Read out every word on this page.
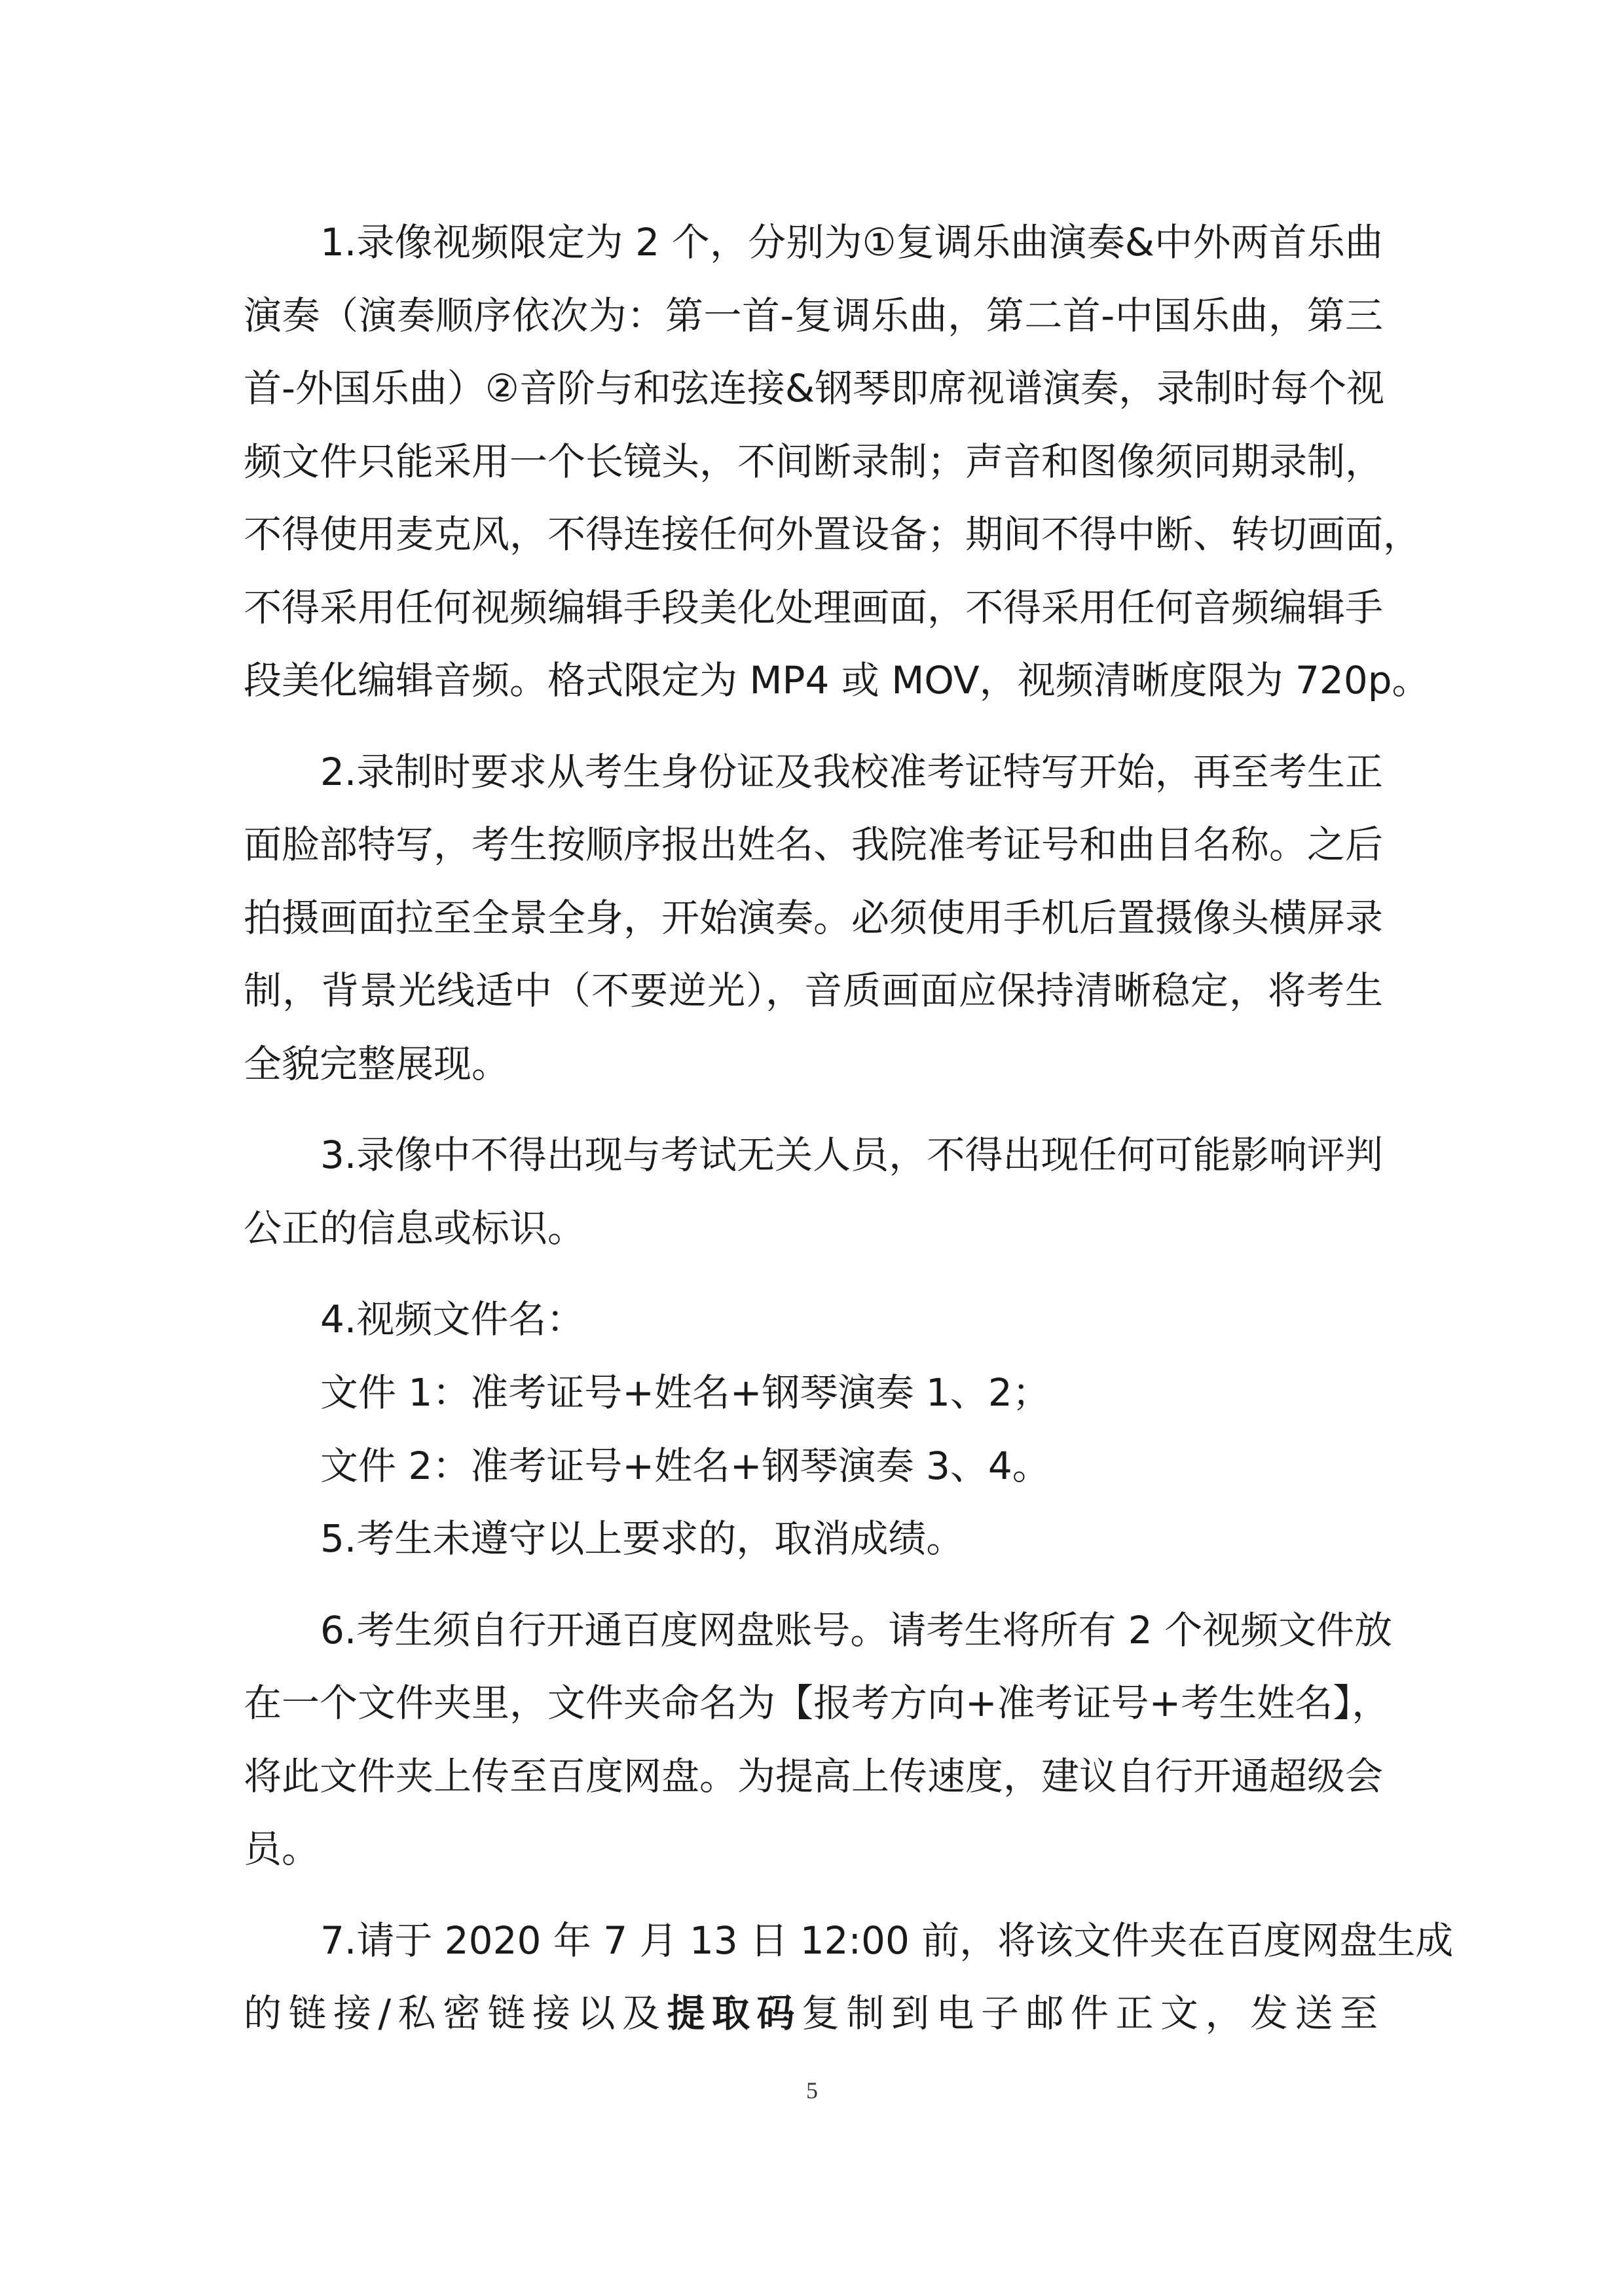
1.录像视频限定为 2 个，分别为①复调乐曲演奏&中外两首乐曲
演奏（演奏顺序依次为：第一首-复调乐曲，第二首-中国乐曲，第三
首-外国乐曲）②音阶与和弦连接&钢琴即席视谱演奏，录制时每个视
频文件只能采用一个长镜头，不间断录制；声音和图像须同期录制，
不得使用麦克风，不得连接任何外置设备；期间不得中断、转切画面，
不得采用任何视频编辑手段美化处理画面，不得采用任何音频编辑手
段美化编辑音频。格式限定为 MP4 或 MOV，视频清晰度限为 720p。
2.录制时要求从考生身份证及我校准考证特写开始，再至考生正
面脸部特写，考生按顺序报出姓名、我院准考证号和曲目名称。之后
拍摄画面拉至全景全身，开始演奏。必须使用手机后置摄像头横屏录
制，背景光线适中（不要逆光），音质画面应保持清晰稳定，将考生
全貌完整展现。
3.录像中不得出现与考试无关人员，不得出现任何可能影响评判
公正的信息或标识。
4.视频文件名：
文件 1：准考证号+姓名+钢琴演奏 1、2；
文件 2：准考证号+姓名+钢琴演奏 3、4。
5.考生未遵守以上要求的，取消成绩。
6.考生须自行开通百度网盘账号。请考生将所有 2 个视频文件放
在一个文件夹里，文件夹命名为【报考方向+准考证号+考生姓名】，
将此文件夹上传至百度网盘。为提高上传速度，建议自行开通超级会
员。
7.请于 2020 年 7 月 13 日 12:00 前，将该文件夹在百度网盘生成
的链接/私密链接以及提取码复制到电子邮件正文，发送至
5
